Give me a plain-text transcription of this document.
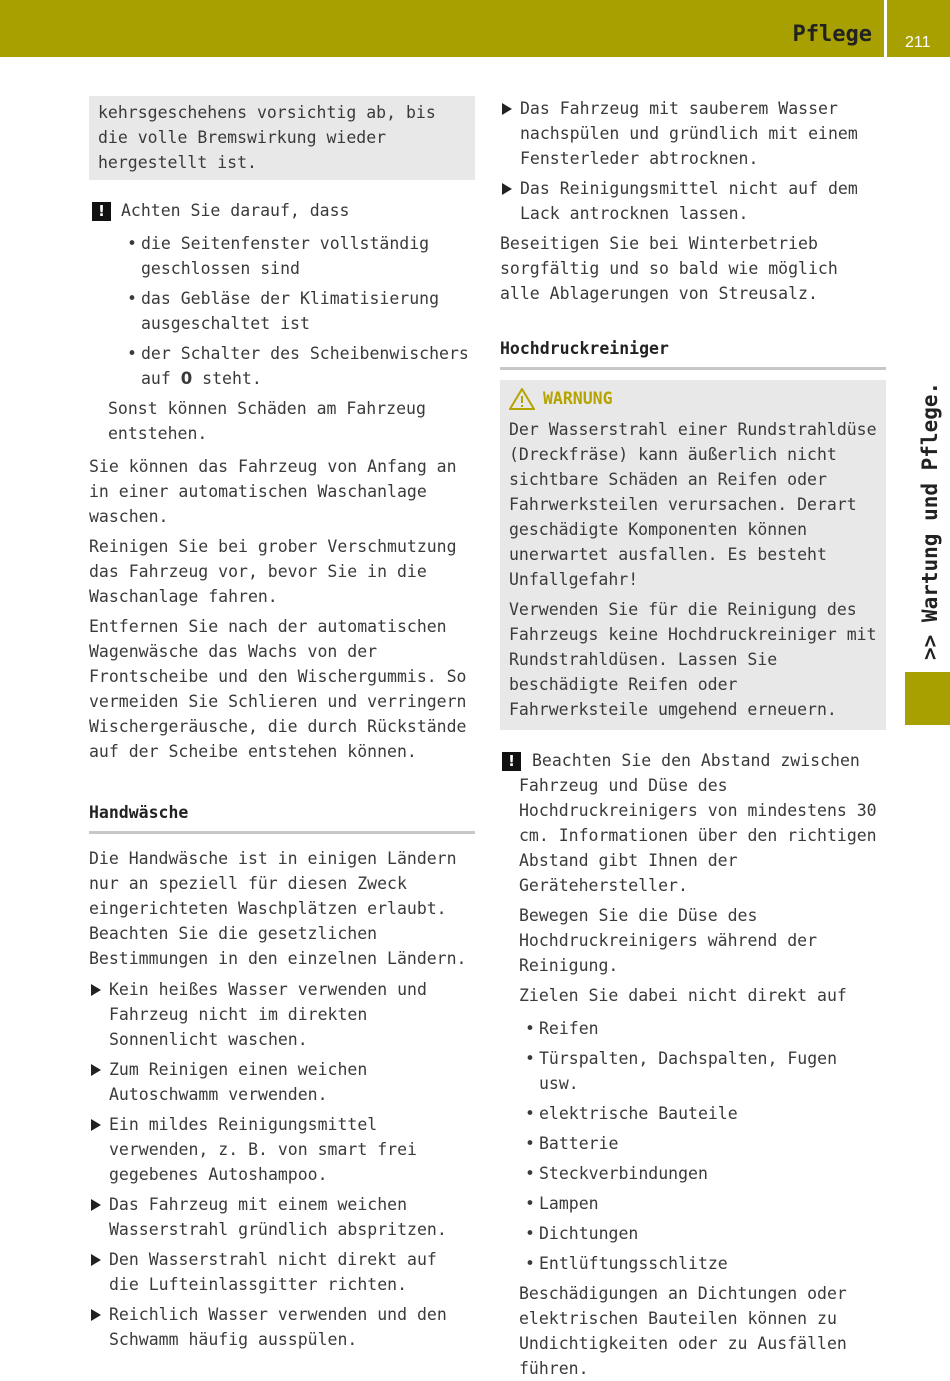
Pflege 211
>> Wartung und Pflege.

kehrsgeschehens vorsichtig ab, bis die volle Bremswirkung wieder hergestellt ist.

! Achten Sie darauf, dass

• die Seitenfenster vollständig geschlossen sind
• das Gebläse der Klimatisierung ausgeschaltet ist
• der Schalter des Scheibenwischers auf 0 steht.

Sonst können Schäden am Fahrzeug entstehen.

Sie können das Fahrzeug von Anfang an in einer automatischen Waschanlage waschen.

Reinigen Sie bei grober Verschmutzung das Fahrzeug vor, bevor Sie in die Waschanlage fahren.

Entfernen Sie nach der automatischen Wagenwäsche das Wachs von der Frontscheibe und den Wischergummis. So vermeiden Sie Schlieren und verringern Wischergeräusche, die durch Rückstände auf der Scheibe entstehen können.

Handwäsche

Die Handwäsche ist in einigen Ländern nur an speziell für diesen Zweck eingerichteten Waschplätzen erlaubt. Beachten Sie die gesetzlichen Bestimmungen in den einzelnen Ländern.

Kein heißes Wasser verwenden und Fahrzeug nicht im direkten Sonnenlicht waschen.
Zum Reinigen einen weichen Autoschwamm verwenden.
Ein mildes Reinigungsmittel verwenden, z. B. von smart frei gegebenes Autoshampoo.
Das Fahrzeug mit einem weichen Wasserstrahl gründlich abspritzen.
Den Wasserstrahl nicht direkt auf die Lufteinlassgitter richten.
Reichlich Wasser verwenden und den Schwamm häufig ausspülen.
Das Fahrzeug mit sauberem Wasser nachspülen und gründlich mit einem Fensterleder abtrocknen.
Das Reinigungsmittel nicht auf dem Lack antrocknen lassen.

Beseitigen Sie bei Winterbetrieb sorgfältig und so bald wie möglich alle Ablagerungen von Streusalz.

Hochdruckreiniger
WARNUNG

Der Wasserstrahl einer Rundstrahldüse (Dreckfräse) kann äußerlich nicht sichtbare Schäden an Reifen oder Fahrwerksteilen verursachen. Derart geschädigte Komponenten können unerwartet ausfallen. Es besteht Unfallgefahr!

Verwenden Sie für die Reinigung des Fahrzeugs keine Hochdruckreiniger mit Rundstrahldüsen. Lassen Sie beschädigte Reifen oder Fahrwerksteile umgehend erneuern.

!	Beachten Sie den Abstand zwischen Fahrzeug und Düse des Hochdruckreinigers von mindestens 30 cm. Informationen über den richtigen Abstand gibt Ihnen der Gerätehersteller.

Bewegen Sie die Düse des Hochdruckreinigers während der Reinigung.

Zielen Sie dabei nicht direkt auf

• Reifen
• Türspalten, Dachspalten, Fugen usw.
• elektrische Bauteile
• Batterie
• Steckverbindungen
• Lampen
• Dichtungen
• Entlüftungsschlitze

Beschädigungen an Dichtungen oder elektrischen Bauteilen können zu Undichtigkeiten oder zu Ausfällen führen.
